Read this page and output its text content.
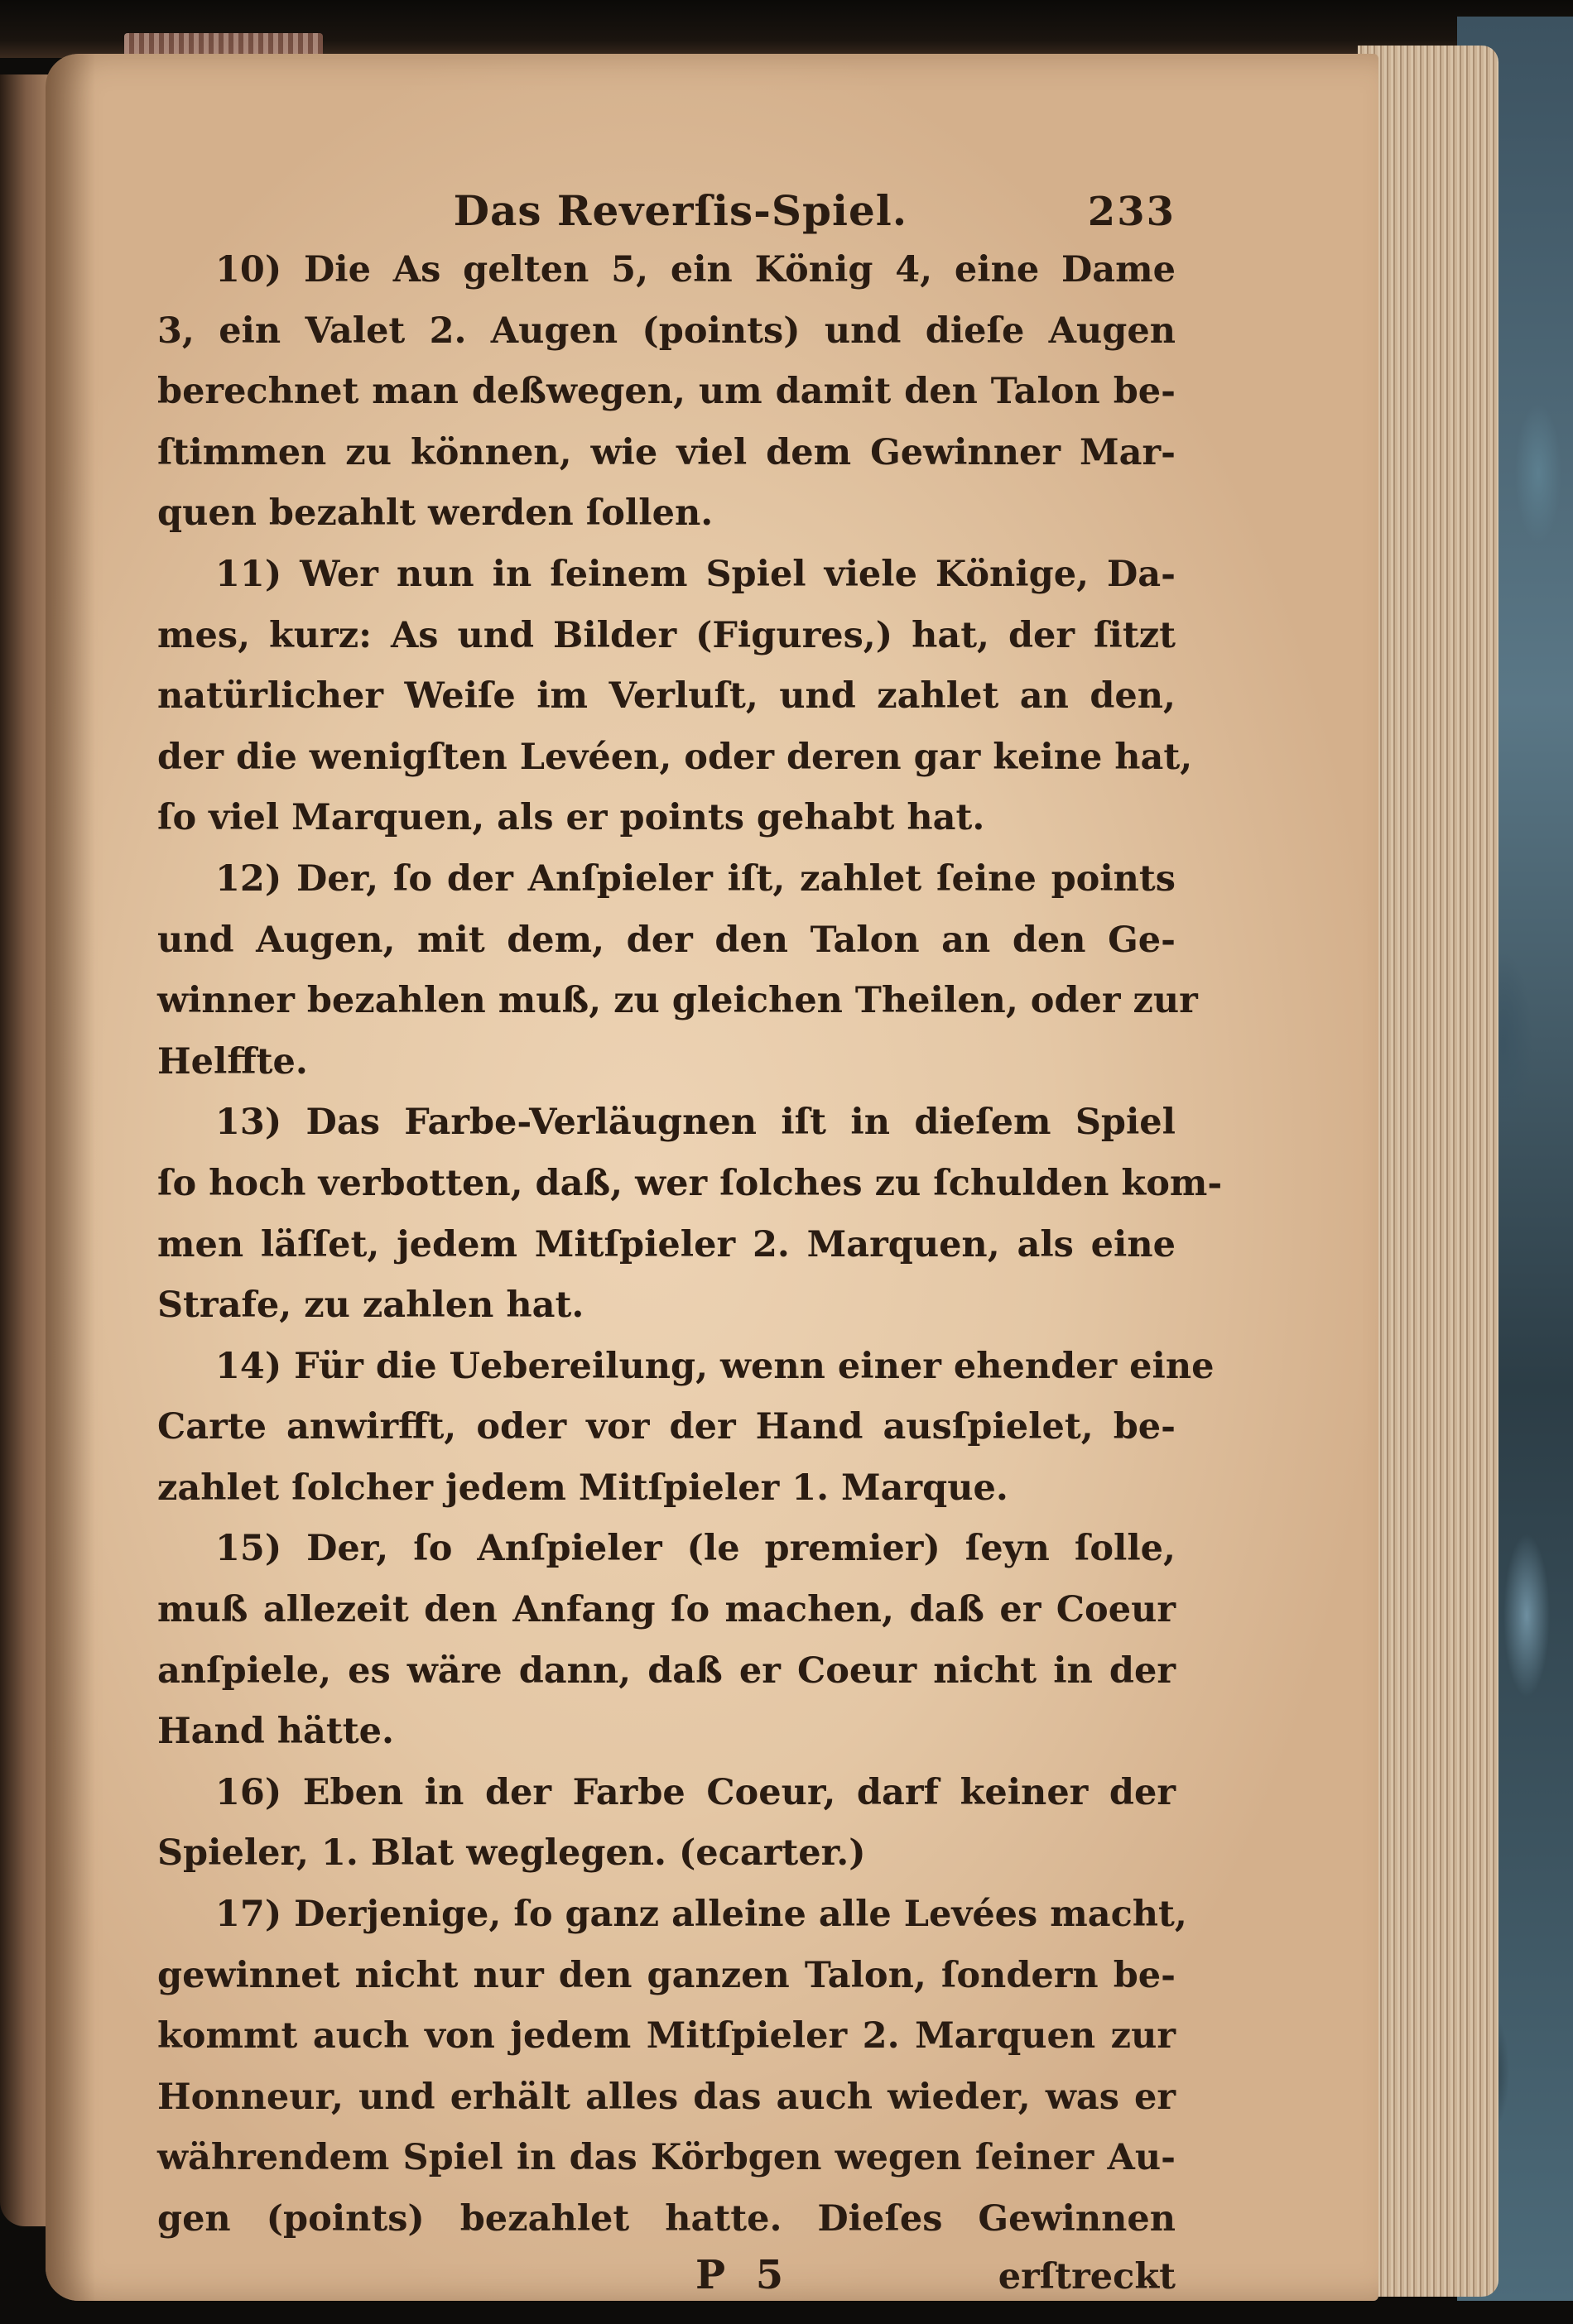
Das Reverſis-Spiel.	233
10) Die As gelten 5, ein König 4, eine Dame
3, ein Valet 2. Augen (points) und dieſe Augen
berechnet man deßwegen, um damit den Talon be-
ſtimmen zu können, wie viel dem Gewinner Mar-
quen bezahlt werden ſollen.
11) Wer nun in ſeinem Spiel viele Könige, Da-
mes, kurz: As und Bilder (Figures,) hat, der ſitzt
natürlicher Weiſe im Verluſt, und zahlet an den,
der die wenigſten Levéen, oder deren gar keine hat,
ſo viel Marquen, als er points gehabt hat.
12) Der, ſo der Anſpieler iſt, zahlet ſeine points
und Augen, mit dem, der den Talon an den Ge-
winner bezahlen muß, zu gleichen Theilen, oder zur
Helffte.
13) Das Farbe-Verläugnen iſt in dieſem Spiel
ſo hoch verbotten, daß, wer ſolches zu ſchulden kom-
men läſſet, jedem Mitſpieler 2. Marquen, als eine
Strafe, zu zahlen hat.
14) Für die Uebereilung, wenn einer ehender eine
Carte anwirfft, oder vor der Hand ausſpielet, be-
zahlet ſolcher jedem Mitſpieler 1. Marque.
15) Der, ſo Anſpieler (le premier) ſeyn ſolle,
muß allezeit den Anfang ſo machen, daß er Coeur
anſpiele, es wäre dann, daß er Coeur nicht in der
Hand hätte.
16) Eben in der Farbe Coeur, darf keiner der
Spieler, 1. Blat weglegen. (ecarter.)
17) Derjenige, ſo ganz alleine alle Levées macht,
gewinnet nicht nur den ganzen Talon, ſondern be-
kommt auch von jedem Mitſpieler 2. Marquen zur
Honneur, und erhält alles das auch wieder, was er
währendem Spiel in das Körbgen wegen ſeiner Au-
gen (points) bezahlet hatte. Dieſes Gewinnen
P 5	erſtreckt
